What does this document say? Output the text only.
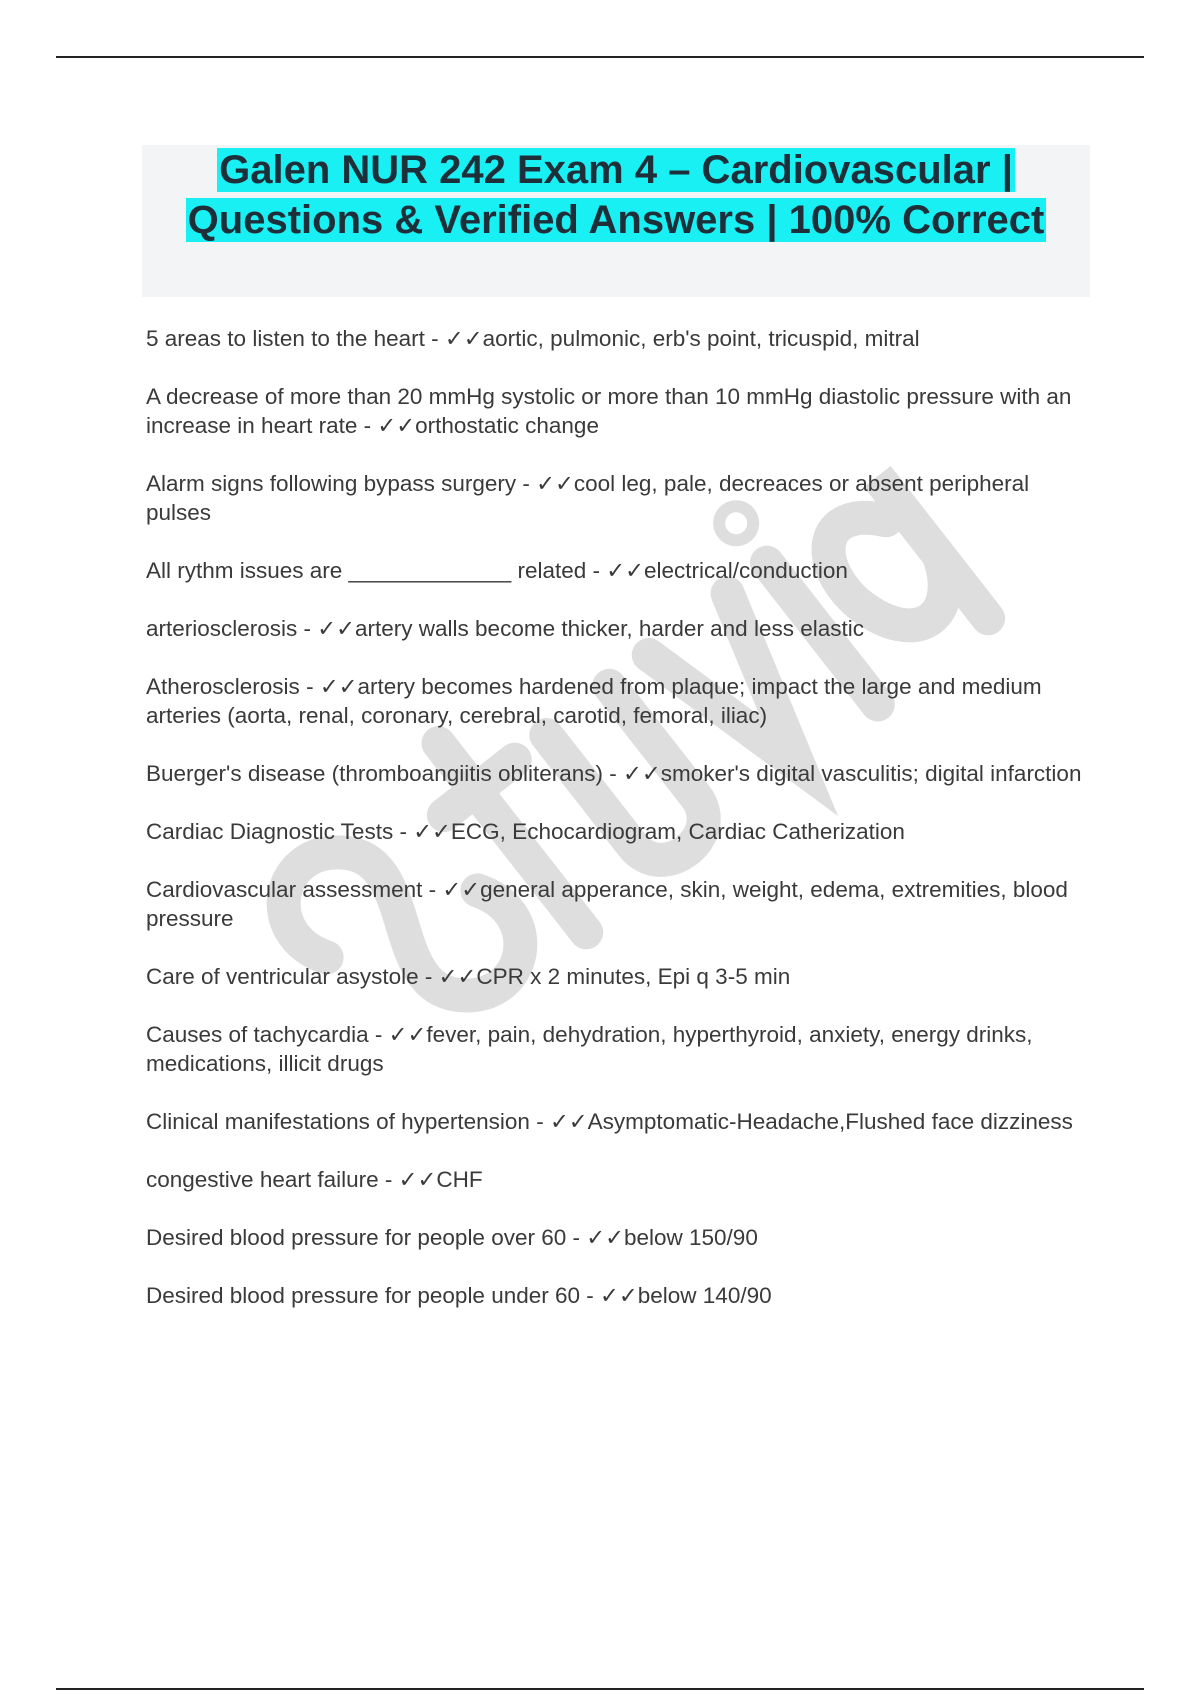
Galen NUR 242 Exam 4 – Cardiovascular | Questions & Verified Answers | 100% Correct

5 areas to listen to the heart - ✓✓aortic, pulmonic, erb's point, tricuspid, mitral

A decrease of more than 20 mmHg systolic or more than 10 mmHg diastolic pressure with an increase in heart rate - ✓✓orthostatic change

Alarm signs following bypass surgery - ✓✓cool leg, pale, decreaces or absent peripheral pulses

All rythm issues are _____________ related - ✓✓electrical/conduction

arteriosclerosis - ✓✓artery walls become thicker, harder and less elastic

Atherosclerosis - ✓✓artery becomes hardened from plaque; impact the large and medium arteries (aorta, renal, coronary, cerebral, carotid, femoral, iliac)

Buerger's disease (thromboangiitis obliterans) - ✓✓smoker's digital vasculitis; digital infarction

Cardiac Diagnostic Tests - ✓✓ECG, Echocardiogram, Cardiac Catherization

Cardiovascular assessment - ✓✓general apperance, skin, weight, edema, extremities, blood pressure

Care of ventricular asystole - ✓✓CPR x 2 minutes, Epi q 3-5 min

Causes of tachycardia - ✓✓fever, pain, dehydration, hyperthyroid, anxiety, energy drinks, medications, illicit drugs

Clinical manifestations of hypertension - ✓✓Asymptomatic-Headache,Flushed face dizziness

congestive heart failure - ✓✓CHF

Desired blood pressure for people over 60 - ✓✓below 150/90

Desired blood pressure for people under 60 - ✓✓below 140/90
